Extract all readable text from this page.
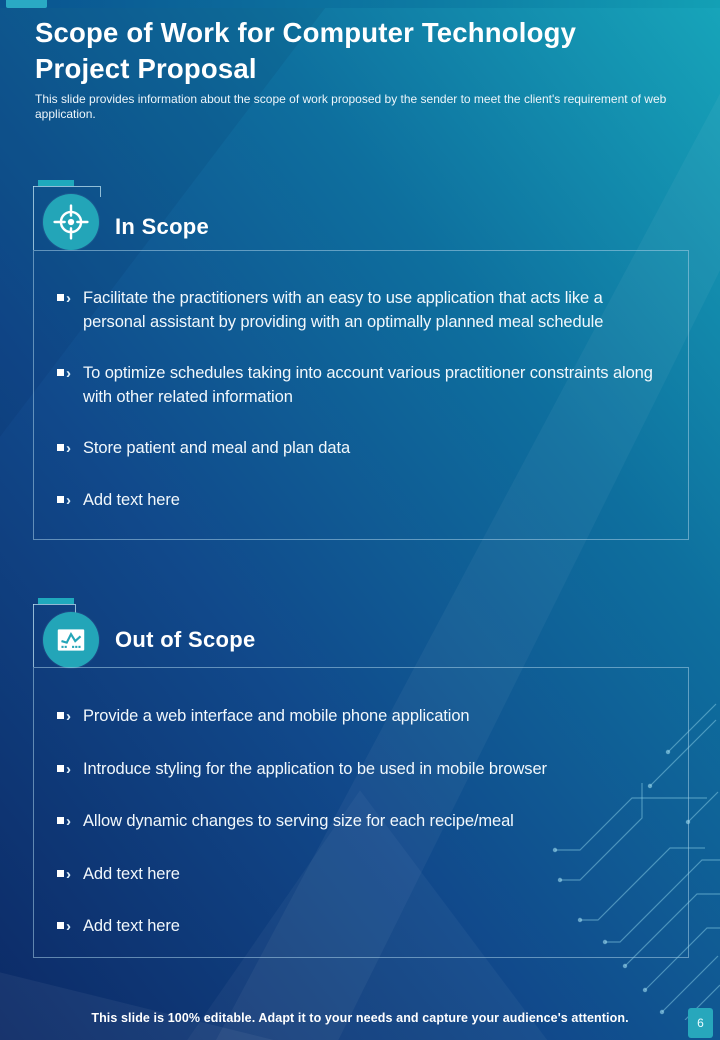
Scope of Work for Computer Technology Project Proposal
This slide provides information about the scope of work proposed by the sender to meet the client's requirement of web application.
In Scope
› Facilitate the practitioners with an easy to use application that acts like a personal assistant by providing with an optimally planned meal schedule
› To optimize schedules taking into account various practitioner constraints along with other related information
› Store patient and meal and plan data
› Add text here
Out of Scope
› Provide a web interface and mobile phone application
› Introduce styling for the application to be used in mobile browser
› Allow dynamic changes to serving size for each recipe/meal
› Add text here
› Add text here
This slide is 100% editable. Adapt it to your needs and capture your audience's attention.	6
